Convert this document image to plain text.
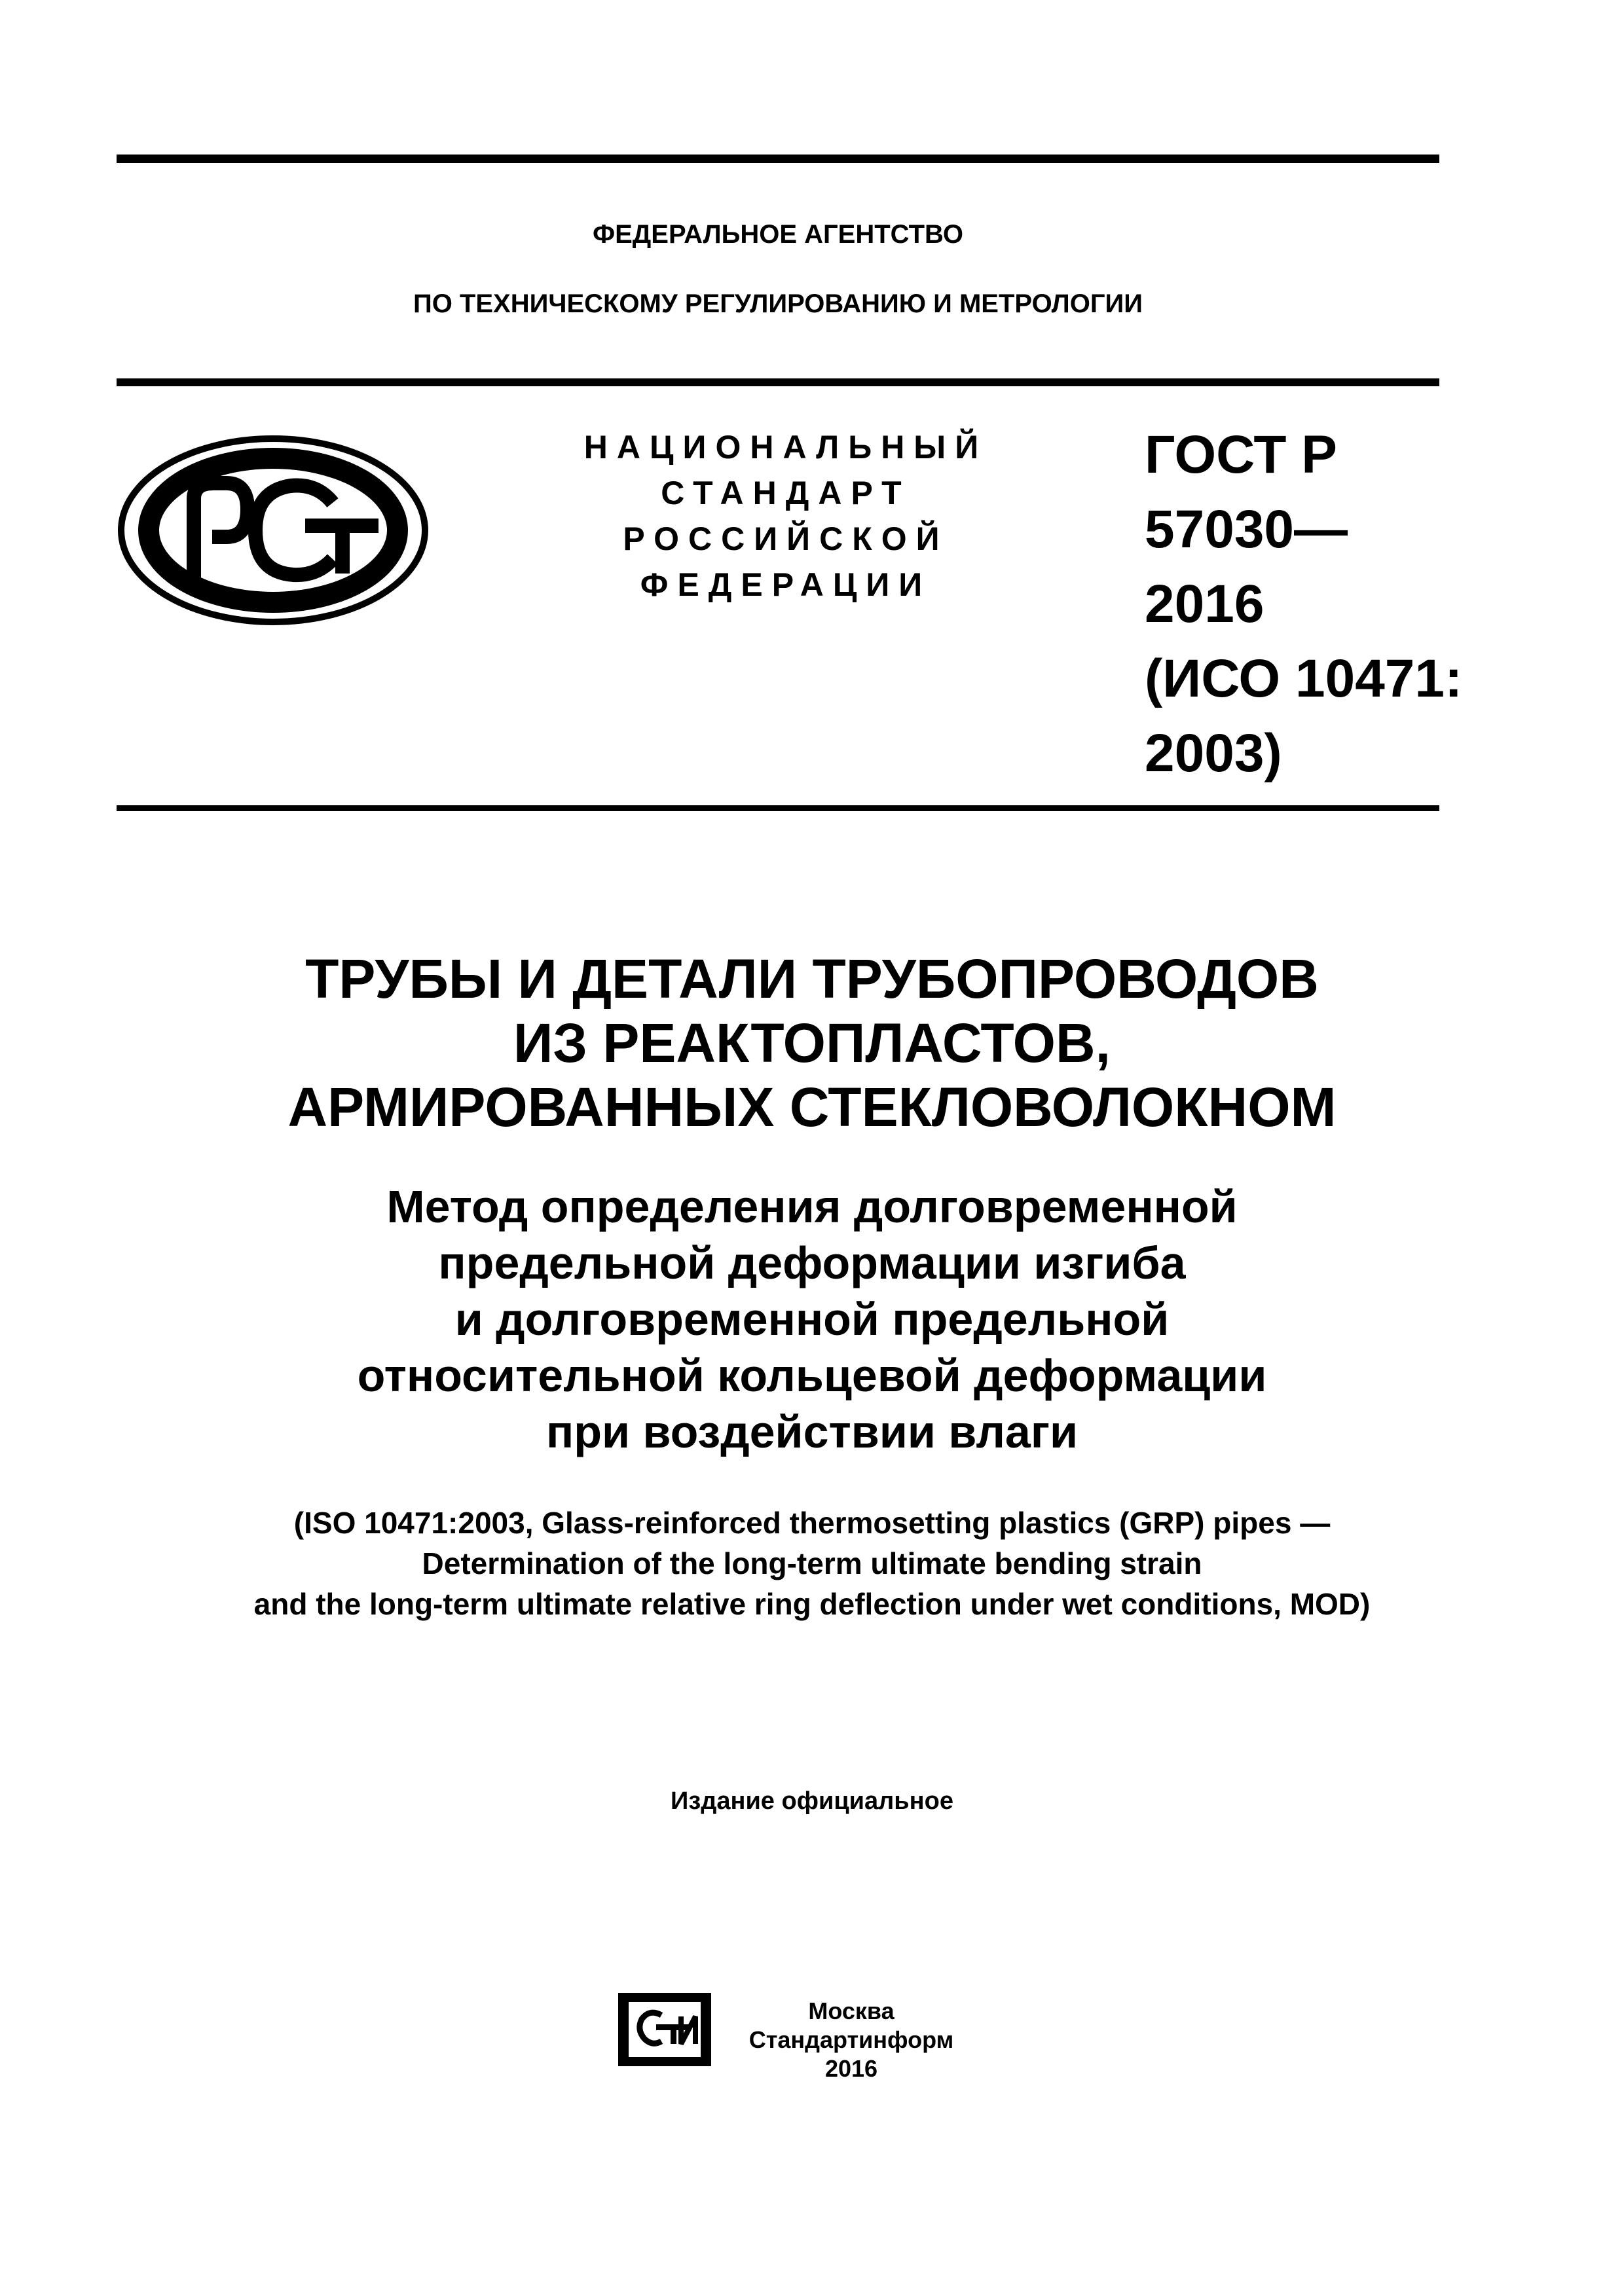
ФЕДЕРАЛЬНОЕ АГЕНТСТВО
ПО ТЕХНИЧЕСКОМУ РЕГУЛИРОВАНИЮ И МЕТРОЛОГИИ
НАЦИОНАЛЬНЫЙ
СТАНДАРТ
РОССИЙСКОЙ
ФЕДЕРАЦИИ
ГОСТ Р
57030—
2016
(ИСО 10471:
2003)
ТРУБЫ И ДЕТАЛИ ТРУБОПРОВОДОВ
ИЗ РЕАКТОПЛАСТОВ,
АРМИРОВАННЫХ СТЕКЛОВОЛОКНОМ
Метод определения долговременной
предельной деформации изгиба
и долговременной предельной
относительной кольцевой деформации
при воздействии влаги
(ISO 10471:2003, Glass-reinforced thermosetting plastics (GRP) pipes —
Determination of the long-term ultimate bending strain
and the long-term ultimate relative ring deflection under wet conditions, MOD)
Издание официальное
Москва
Стандартинформ
2016
